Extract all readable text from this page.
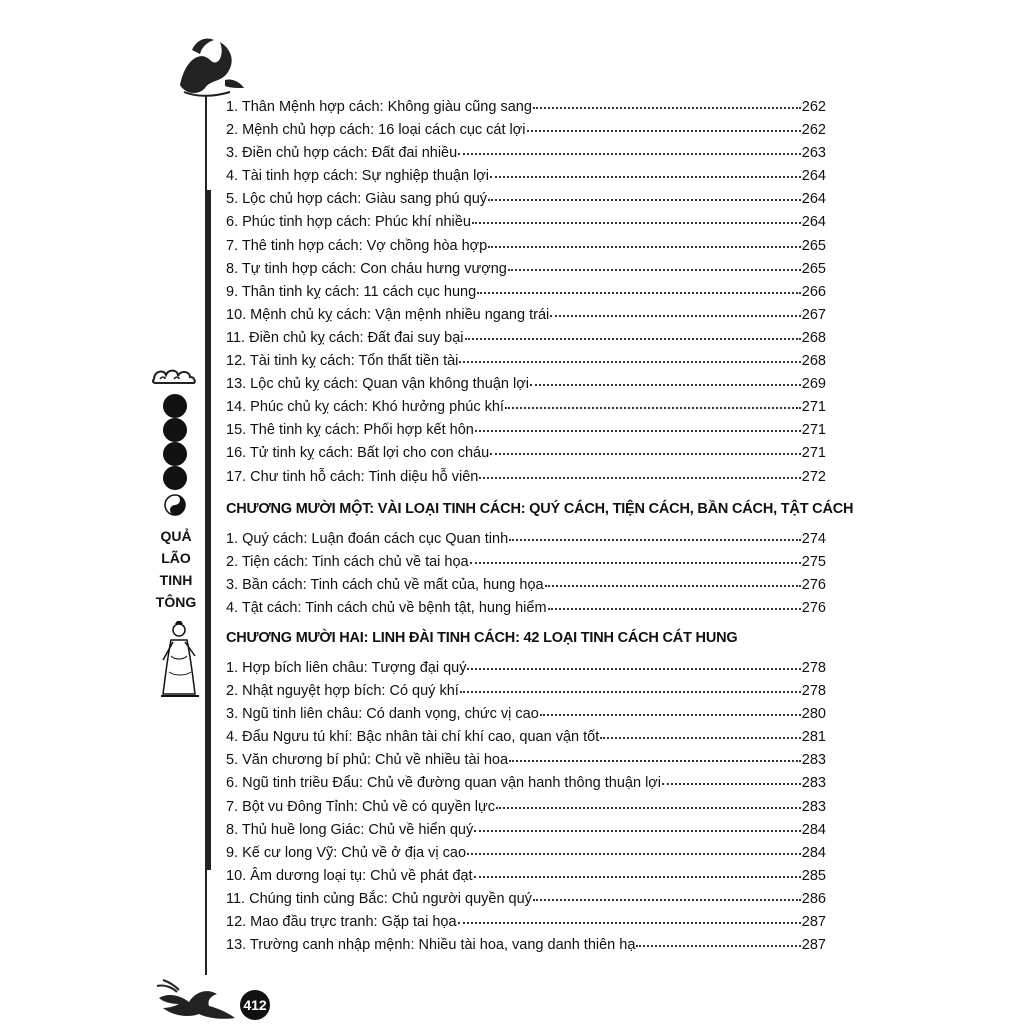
QUẢ
LÃO
TINH
TÔNG
412
1. Thân Mệnh hợp cách: Không giàu cũng sang	262
2. Mệnh chủ hợp cách: 16 loại cách cục cát lợi	262
3. Điền chủ hợp cách: Đất đai nhiều	263
4. Tài tinh hợp cách: Sự nghiệp thuận lợi	264
5. Lộc chủ hợp cách: Giàu sang phú quý	264
6. Phúc tinh hợp cách: Phúc khí nhiều	264
7. Thê tinh hợp cách: Vợ chồng hòa hợp	265
8. Tự tinh hợp cách: Con cháu hưng vượng	265
9. Thân tinh kỵ cách: 11 cách cục hung	266
10. Mệnh chủ kỵ cách: Vận mệnh nhiều ngang trái	267
11. Điền chủ kỵ cách: Đất đai suy bại	268
12. Tài tinh kỵ cách: Tổn thất tiền tài	268
13. Lộc chủ kỵ cách: Quan vận không thuận lợi	269
14. Phúc chủ kỵ cách: Khó hưởng phúc khí	271
15. Thê tinh kỵ cách: Phối hợp kết hôn	271
16. Tử tinh kỵ cách: Bất lợi cho con cháu	271
17. Chư tinh hỗ cách: Tinh diệu hỗ viên	272
CHƯƠNG MƯỜI MỘT: VÀI LOẠI TINH CÁCH: QUÝ CÁCH, TIỆN CÁCH, BẦN CÁCH, TẬT CÁCH
1. Quý cách: Luận đoán cách cục Quan tinh	274
2. Tiện cách: Tinh cách chủ về tai họa	275
3. Bần cách: Tinh cách chủ về mất của, hung họa	276
4. Tật cách: Tinh cách chủ về bệnh tật, hung hiểm	276
CHƯƠNG MƯỜI HAI: LINH ĐÀI TINH CÁCH: 42 LOẠI TINH CÁCH CÁT HUNG
1. Hợp bích liên châu: Tượng đại quý	278
2. Nhật nguyệt hợp bích: Có quý khí	278
3. Ngũ tinh liên châu: Có danh vọng, chức vị cao	280
4. Đẩu Ngưu tú khí: Bậc nhân tài chí khí cao, quan vận tốt	281
5. Văn chương bí phủ: Chủ về nhiều tài hoa	283
6. Ngũ tinh triều Đẩu: Chủ về đường quan vận hanh thông thuận lợi	283
7. Bột vu Đông Tỉnh: Chủ về có quyền lực	283
8. Thủ huề long Giác: Chủ về hiển quý	284
9. Kế cư long Vỹ: Chủ về ở địa vị cao	284
10. Âm dương loại tụ: Chủ về phát đạt	285
11. Chúng tinh củng Bắc: Chủ người quyền quý	286
12. Mao đầu trực tranh: Gặp tai họa	287
13. Trường canh nhập mệnh: Nhiều tài hoa, vang danh thiên hạ	287
